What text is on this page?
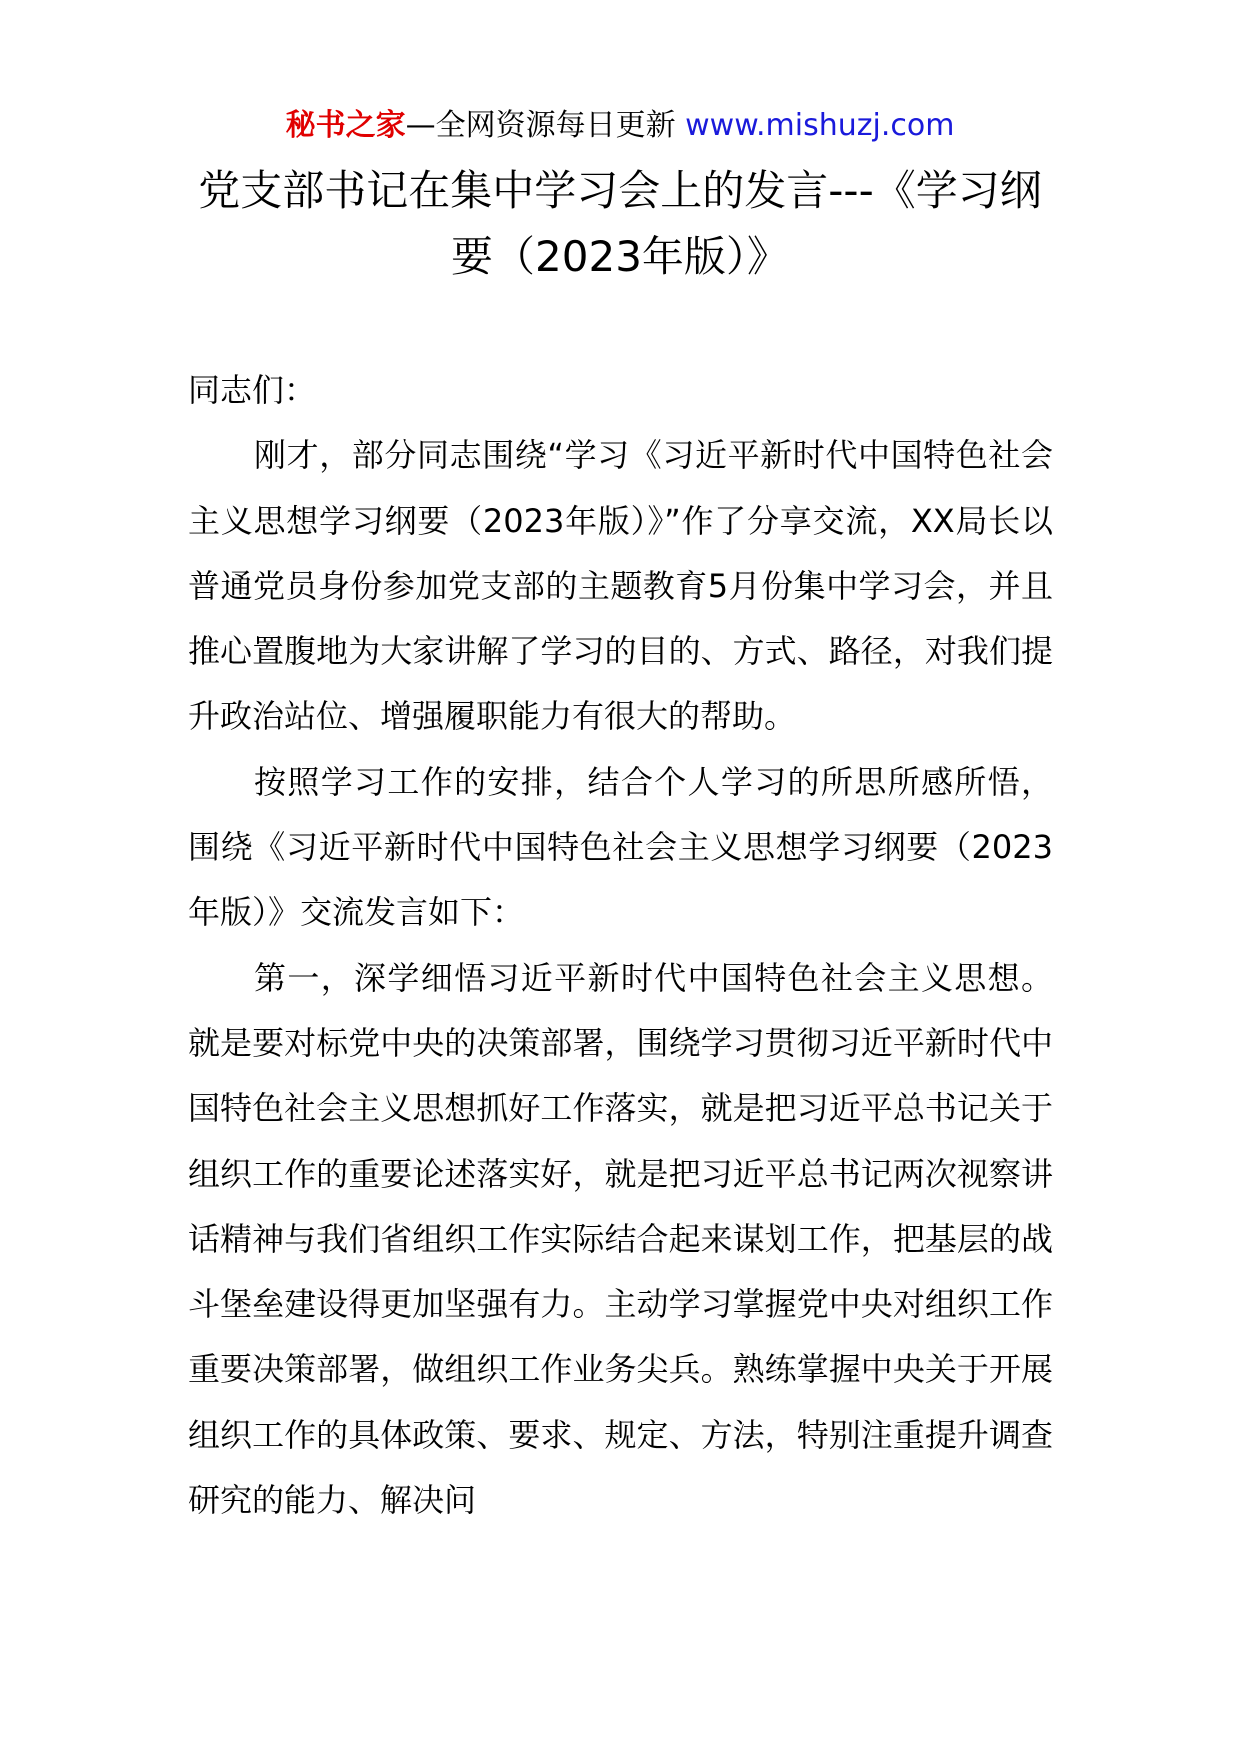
秘书之家—全网资源每日更新 www.mishuzj.com
党支部书记在集中学习会上的发言---《学习纲要（2023年版）》

同志们：

刚才，部分同志围绕“学习《习近平新时代中国特色社会主义思想学习纲要（2023年版）》”作了分享交流，XX局长以普通党员身份参加党支部的主题教育5月份集中学习会，并且推心置腹地为大家讲解了学习的目的、方式、路径，对我们提升政治站位、增强履职能力有很大的帮助。

按照学习工作的安排，结合个人学习的所思所感所悟，围绕《习近平新时代中国特色社会主义思想学习纲要（2023年版）》交流发言如下：

第一，深学细悟习近平新时代中国特色社会主义思想。就是要对标党中央的决策部署，围绕学习贯彻习近平新时代中国特色社会主义思想抓好工作落实，就是把习近平总书记关于组织工作的重要论述落实好，就是把习近平总书记两次视察讲话精神与我们省组织工作实际结合起来谋划工作，把基层的战斗堡垒建设得更加坚强有力。主动学习掌握党中央对组织工作重要决策部署，做组织工作业务尖兵。熟练掌握中央关于开展组织工作的具体政策、要求、规定、方法，特别注重提升调查研究的能力、解决问
